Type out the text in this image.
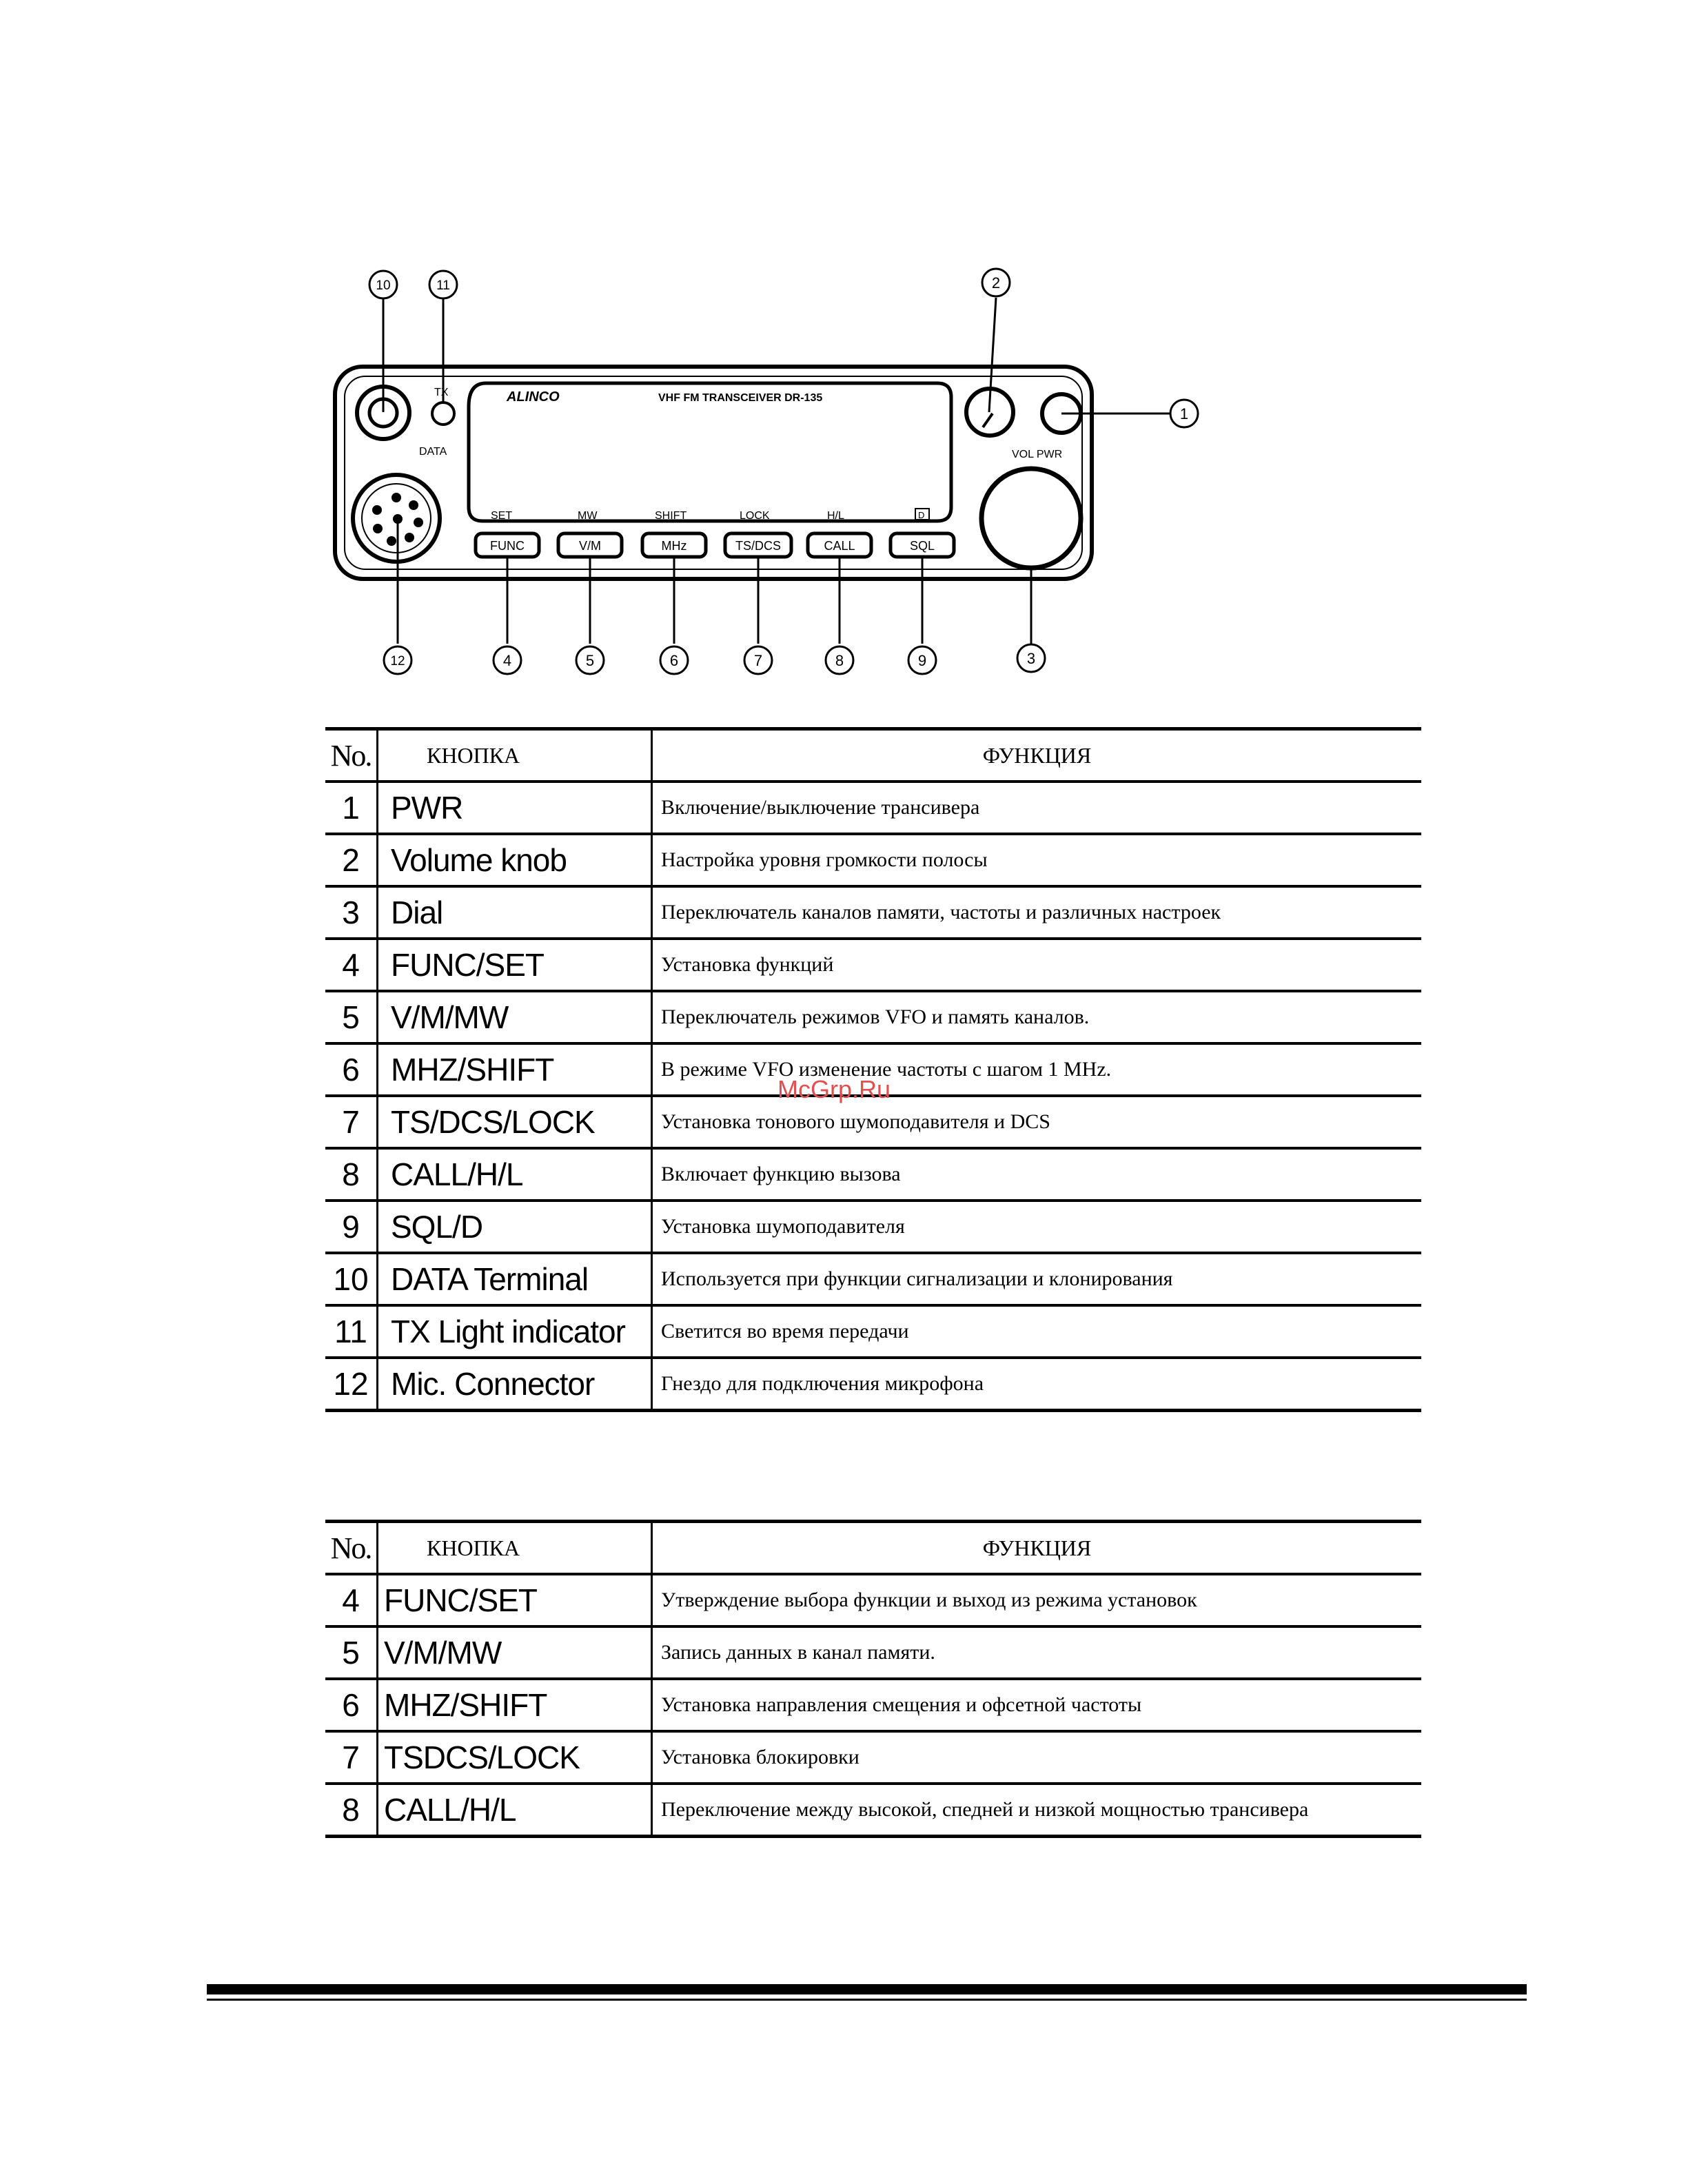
ALINCO	VHF FM TRANSCEIVER DR-135
DATA
TX
VOL PWR
SET	MW	SHIFT	LOCK	H/L	D
FUNC	V/M	MHz	TS/DCS	CALL	SQL
1
2
3
4	5	6	7	8	9
10	11
12
No.	КНОПКА	ФУНКЦИЯ
1	PWR	Включение/выключение трансивера
2	Volume knob	Настройка уровня громкости полосы
3	Dial	Переключатель каналов памяти, частоты и различных настроек
4	FUNC/SET	Установка функций
5	V/M/MW	Переключатель режимов VFO и память каналов.
6	MHZ/SHIFT	В режиме VFO изменение частоты с шагом 1 MHz.
7	TS/DCS/LOCK	Установка тонового шумоподавителя и DCS
8	CALL/H/L	Включает функцию вызова
9	SQL/D	Установка шумоподавителя
10	DATA Terminal	Используется при функции сигнализации и клонирования
11	TX Light indicator	Светится во время передачи
12	Mic. Connector	Гнездо для подключения микрофона
McGrp.Ru
No.	КНОПКА	ФУНКЦИЯ
4	FUNC/SET	Утверждение выбора функции и выход из режима установок
5	V/M/MW	Запись данных в канал памяти.
6	MHZ/SHIFT	Установка направления смещения и офсетной частоты
7	TSDCS/LOCK	Установка блокировки
8	CALL/H/L	Переключение между высокой, спедней и низкой мощностью трансивера
